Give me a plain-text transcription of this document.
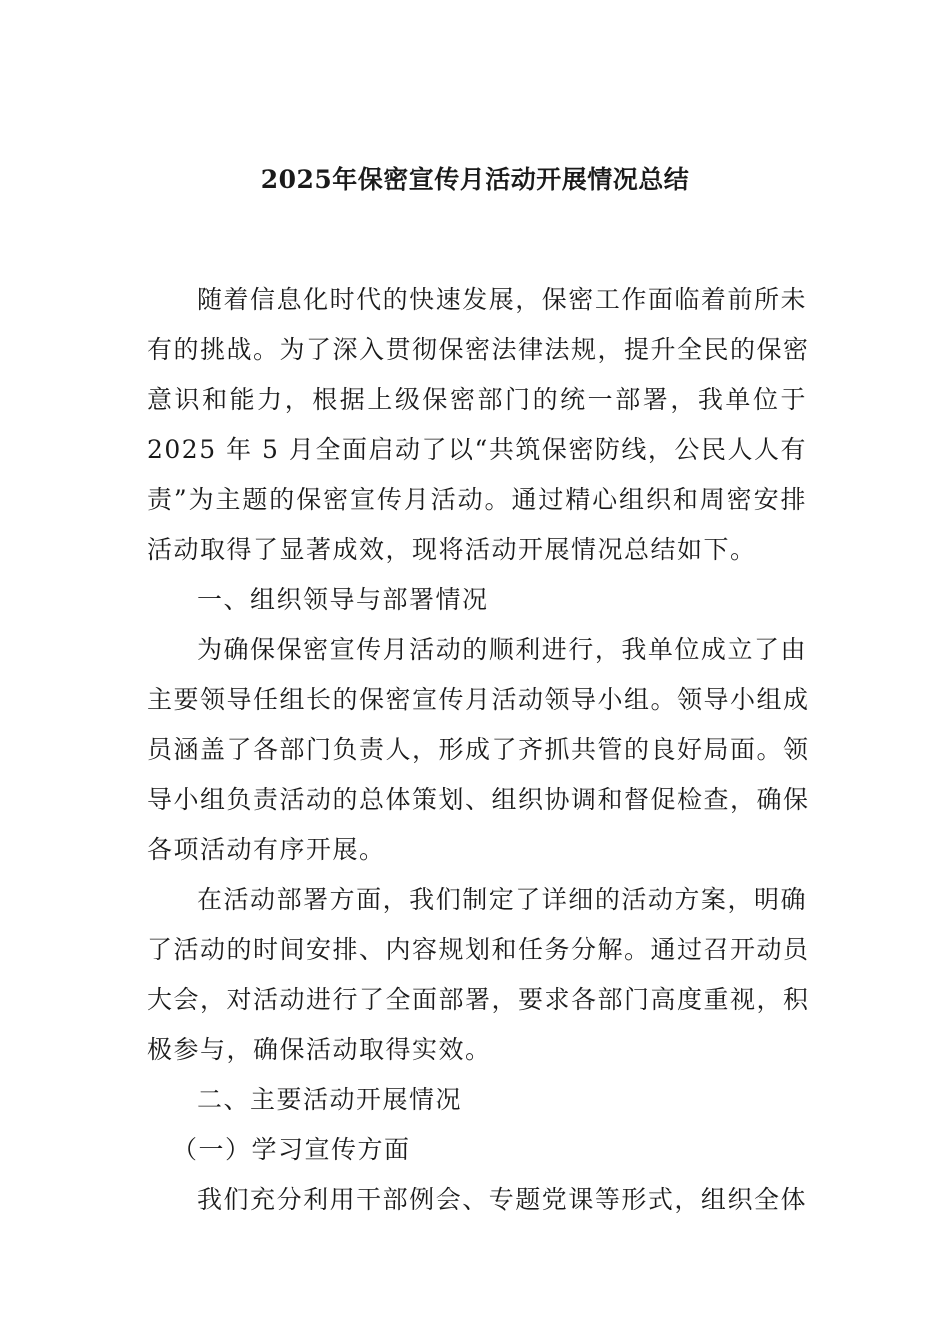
2025年保密宣传月活动开展情况总结

随着信息化时代的快速发展，保密工作面临着前所未
有的挑战。为了深入贯彻保密法律法规，提升全民的保密
意识和能力，根据上级保密部门的统一部署，我单位于
2025 年 5 月全面启动了以“共筑保密防线，公民人人有
责”为主题的保密宣传月活动。通过精心组织和周密安排
活动取得了显著成效，现将活动开展情况总结如下。

一、组织领导与部署情况

为确保保密宣传月活动的顺利进行，我单位成立了由
主要领导任组长的保密宣传月活动领导小组。领导小组成
员涵盖了各部门负责人，形成了齐抓共管的良好局面。领
导小组负责活动的总体策划、组织协调和督促检查，确保
各项活动有序开展。

在活动部署方面，我们制定了详细的活动方案，明确
了活动的时间安排、内容规划和任务分解。通过召开动员
大会，对活动进行了全面部署，要求各部门高度重视，积
极参与，确保活动取得实效。

二、主要活动开展情况

（一）学习宣传方面

我们充分利用干部例会、专题党课等形式，组织全体
